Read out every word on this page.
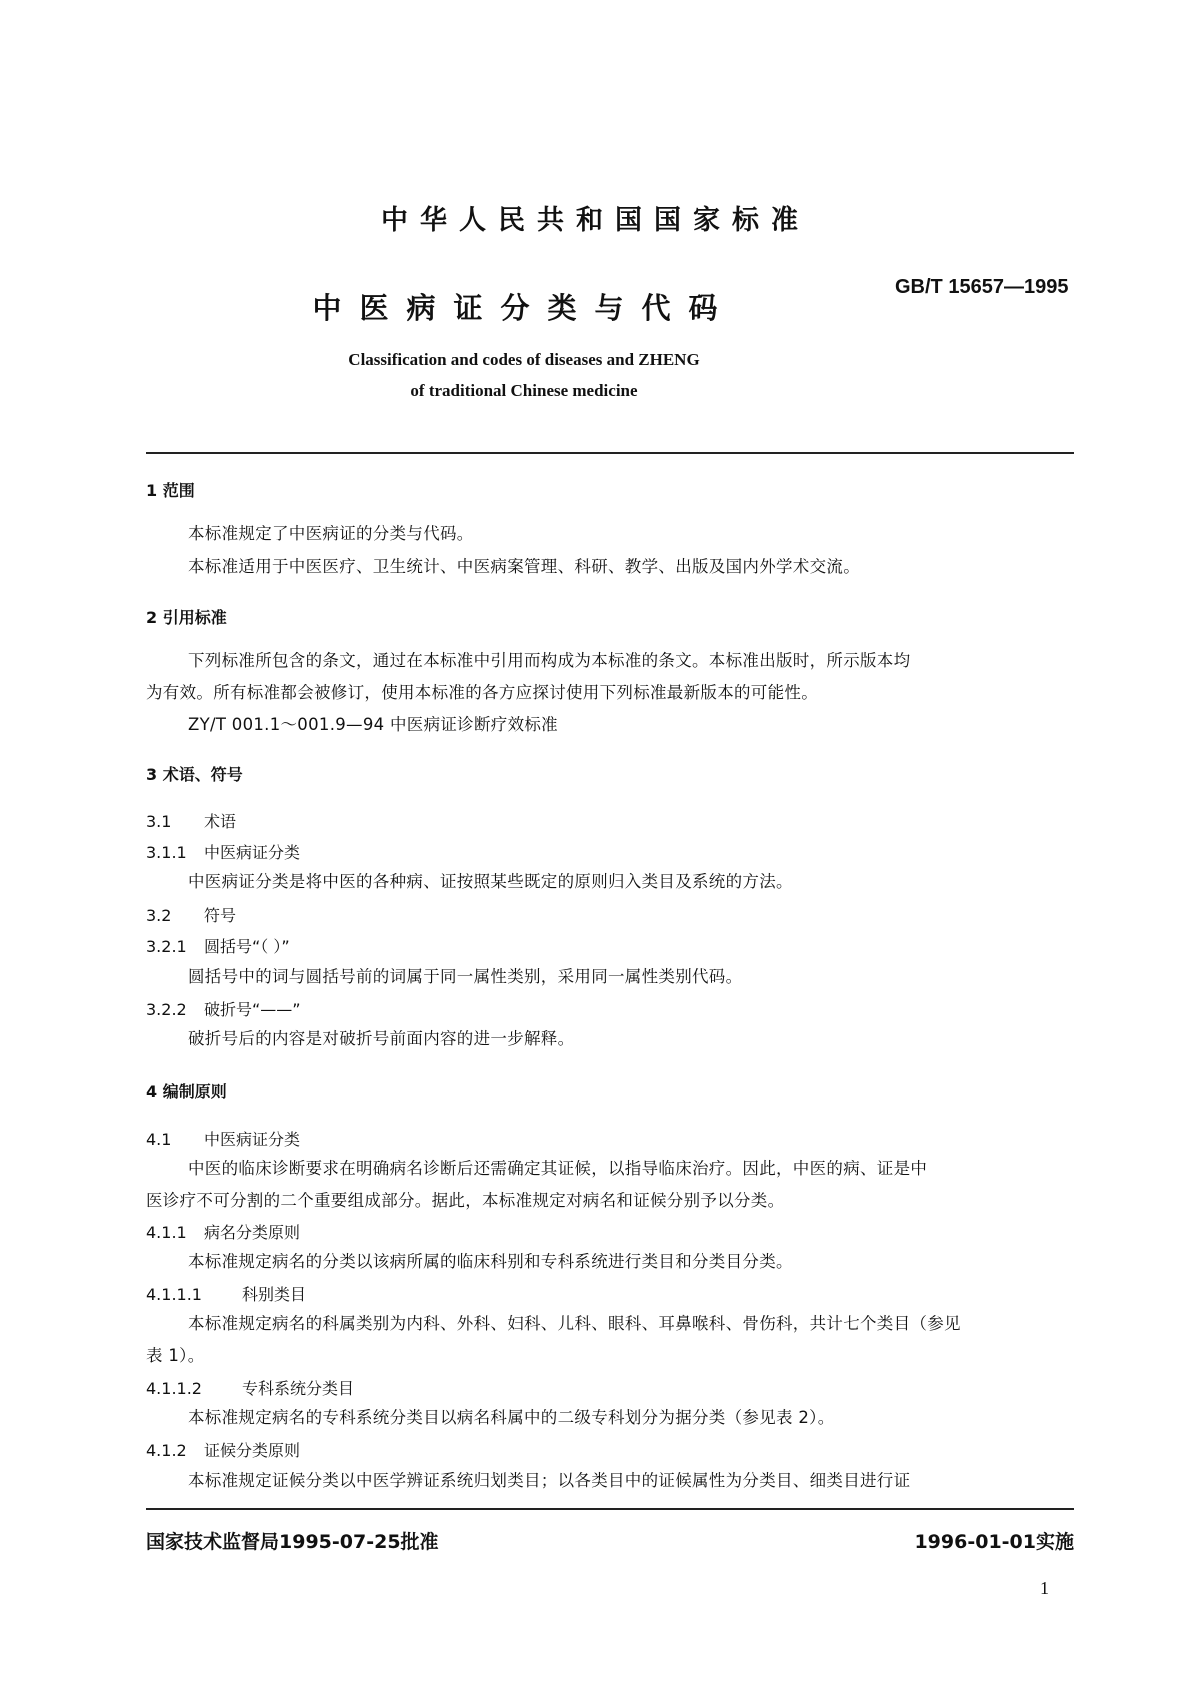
中华人民共和国国家标准
GB/T 15657—1995
中医病证分类与代码
Classification and codes of diseases and ZHENG
of traditional Chinese medicine
1 范围
本标准规定了中医病证的分类与代码。
本标准适用于中医医疗、卫生统计、中医病案管理、科研、教学、出版及国内外学术交流。
2 引用标准
下列标准所包含的条文，通过在本标准中引用而构成为本标准的条文。本标准出版时，所示版本均
为有效。所有标准都会被修订，使用本标准的各方应探讨使用下列标准最新版本的可能性。
ZY/T 001.1～001.9—94 中医病证诊断疗效标准
3 术语、符号
3.1 术语
3.1.1 中医病证分类
中医病证分类是将中医的各种病、证按照某些既定的原则归入类目及系统的方法。
3.2 符号
3.2.1 圆括号“（ ）”
圆括号中的词与圆括号前的词属于同一属性类别，采用同一属性类别代码。
3.2.2 破折号“——”
破折号后的内容是对破折号前面内容的进一步解释。
4 编制原则
4.1 中医病证分类
中医的临床诊断要求在明确病名诊断后还需确定其证候，以指导临床治疗。因此，中医的病、证是中
医诊疗不可分割的二个重要组成部分。据此，本标准规定对病名和证候分别予以分类。
4.1.1 病名分类原则
本标准规定病名的分类以该病所属的临床科别和专科系统进行类目和分类目分类。
4.1.1.1	科别类目
本标准规定病名的科属类别为内科、外科、妇科、儿科、眼科、耳鼻喉科、骨伤科，共计七个类目（参见
表 1）。
4.1.1.2	专科系统分类目
本标准规定病名的专科系统分类目以病名科属中的二级专科划分为据分类（参见表 2）。
4.1.2 证候分类原则
本标准规定证候分类以中医学辨证系统归划类目；以各类目中的证候属性为分类目、细类目进行证
国家技术监督局1995-07-25批准	1996-01-01实施
1
